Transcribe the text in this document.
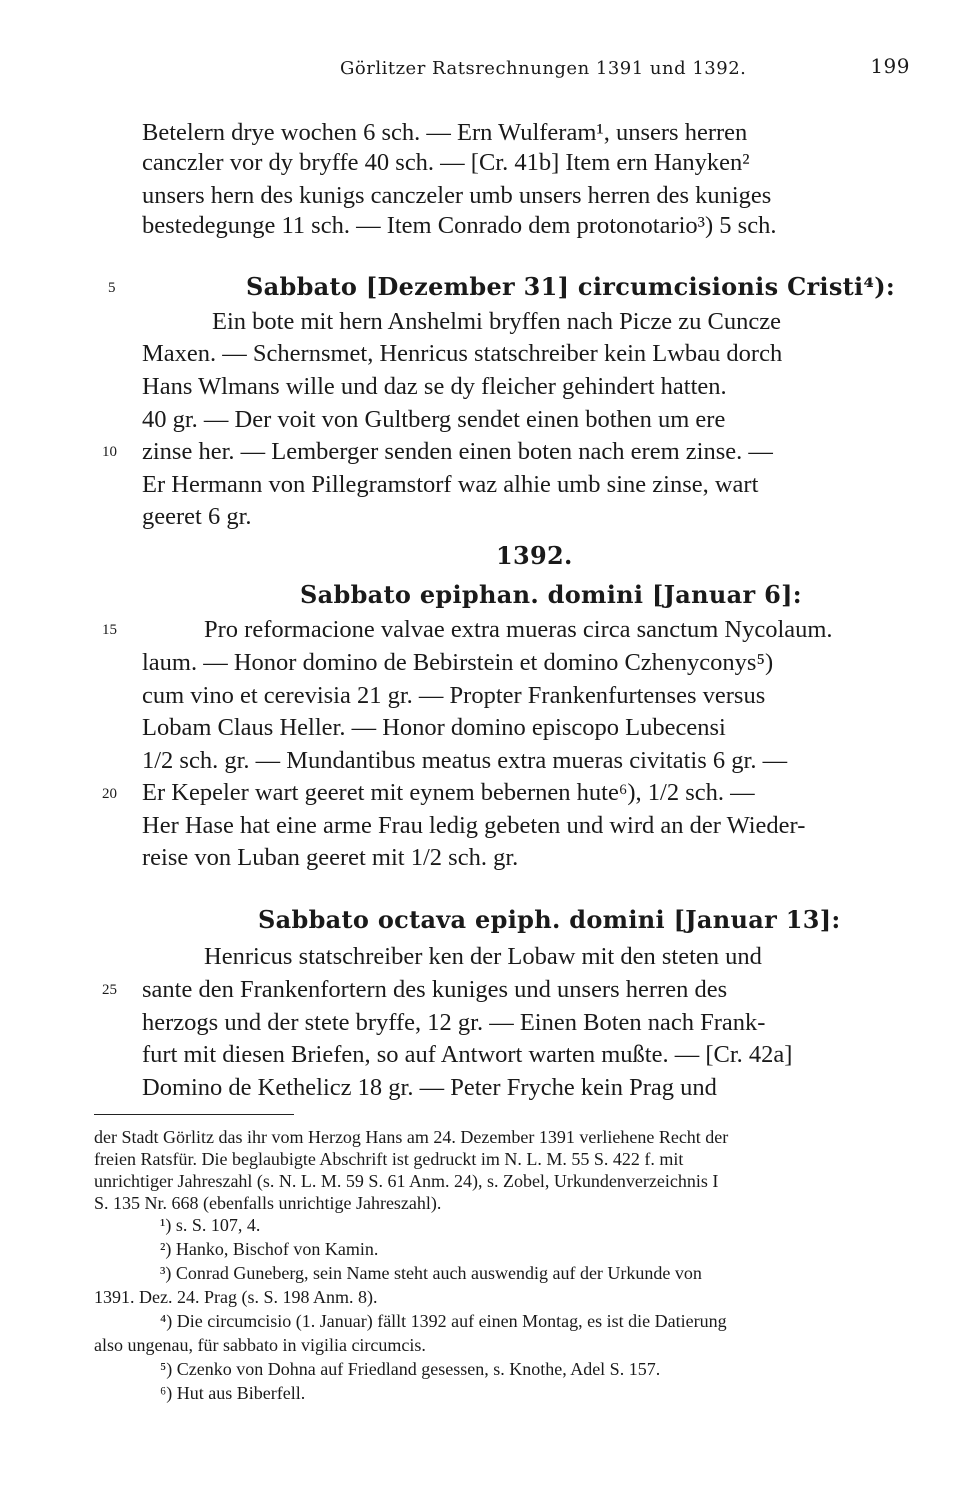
Görlitzer Ratsrechnungen 1391 und 1392.	199
Betelern drye wochen 6 sch. — Ern Wulferam¹, unsers herren
canczler vor dy bryffe 40 sch. — [Cr. 41b] Item ern Hanyken²
unsers hern des kunigs canczeler umb unsers herren des kuniges
bestedegunge 11 sch. — Item Conrado dem protonotario³) 5 sch.
5	Sabbato [Dezember 31] circumcisionis Cristi⁴):
Ein bote mit hern Anshelmi bryffen nach Picze zu Cuncze
Maxen. — Schernsmet, Henricus statschreiber kein Lwbau dorch
Hans Wlmans wille und daz se dy fleicher gehindert hatten.
40 gr. — Der voit von Gultberg sendet einen bothen um ere
10 zinse her. — Lemberger senden einen boten nach erem zinse. —
Er Hermann von Pillegramstorf waz alhie umb sine zinse, wart
geeret 6 gr.
1392.
Sabbato epiphan. domini [Januar 6]:
15	Pro reformacione valvae extra mueras circa sanctum Nycolaum.
laum. — Honor domino de Bebirstein et domino Czhenyconys⁵)
cum vino et cerevisia 21 gr. — Propter Frankenfurtenses versus
Lobam Claus Heller. — Honor domino episcopo Lubecensi
1/2 sch. gr. — Mundantibus meatus extra mueras civitatis 6 gr. —
20 Er Kepeler wart geeret mit eynem bebernen hute⁶), 1/2 sch. —
Her Hase hat eine arme Frau ledig gebeten und wird an der Wieder-
reise von Luban geeret mit 1/2 sch. gr.
Sabbato octava epiph. domini [Januar 13]:
Henricus statschreiber ken der Lobaw mit den steten und
25 sante den Frankenfortern des kuniges und unsers herren des
herzogs und der stete bryffe, 12 gr. — Einen Boten nach Frank-
furt mit diesen Briefen, so auf Antwort warten mußte. — [Cr. 42a]
Domino de Kethelicz 18 gr. — Peter Fryche kein Prag und
der Stadt Görlitz das ihr vom Herzog Hans am 24. Dezember 1391 verliehene Recht der
freien Ratsfür. Die beglaubigte Abschrift ist gedruckt im N. L. M. 55 S. 422 f. mit
unrichtiger Jahreszahl (s. N. L. M. 59 S. 61 Anm. 24), s. Zobel, Urkundenverzeichnis I
S. 135 Nr. 668 (ebenfalls unrichtige Jahreszahl).
¹) s. S. 107, 4.
²) Hanko, Bischof von Kamin.
³) Conrad Guneberg, sein Name steht auch auswendig auf der Urkunde von
1391. Dez. 24. Prag (s. S. 198 Anm. 8).
⁴) Die circumcisio (1. Januar) fällt 1392 auf einen Montag, es ist die Datierung
also ungenau, für sabbato in vigilia circumcis.
⁵) Czenko von Dohna auf Friedland gesessen, s. Knothe, Adel S. 157.
⁶) Hut aus Biberfell.
